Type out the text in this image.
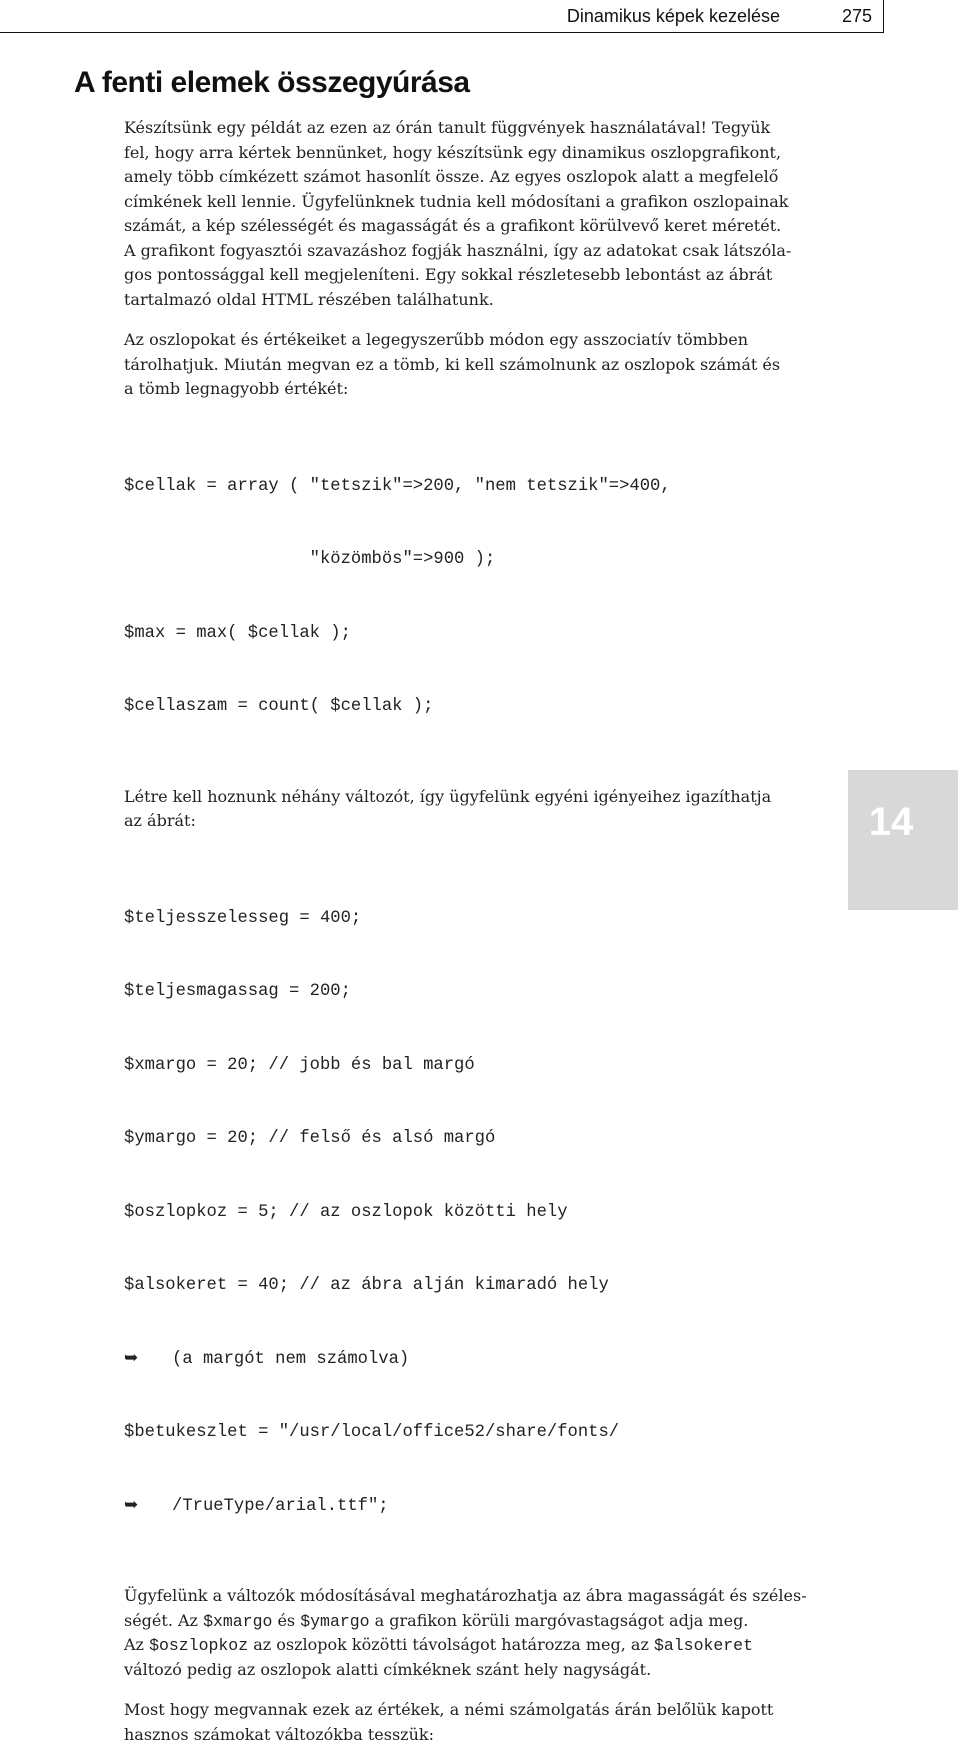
Dinamikus képek kezelése	275
A fenti elemek összegyúrása
Készítsünk egy példát az ezen az órán tanult függvények használatával! Tegyük
fel, hogy arra kértek bennünket, hogy készítsünk egy dinamikus oszlopgrafikont,
amely több címkézett számot hasonlít össze. Az egyes oszlopok alatt a megfelelő
címkének kell lennie. Ügyfelünknek tudnia kell módosítani a grafikon oszlopainak
számát, a kép szélességét és magasságát és a grafikont körülvevő keret méretét.
A grafikont fogyasztói szavazáshoz fogják használni, így az adatokat csak látszóla-
gos pontossággal kell megjeleníteni. Egy sokkal részletesebb lebontást az ábrát
tartalmazó oldal HTML részében találhatunk.
Az oszlopokat és értékeiket a legegyszerűbb módon egy asszociatív tömbben
tárolhatjuk. Miután megvan ez a tömb, ki kell számolnunk az oszlopok számát és
a tömb legnagyobb értékét:

$cellak = array ( "tetszik"=>200, "nem tetszik"=>400,

"közömbös"=>900 );

$max = max( $cellak );

$cellaszam = count( $cellak );

Létre kell hoznunk néhány változót, így ügyfelünk egyéni igényeihez igazíthatja
az ábrát:

$teljesszelesseg = 400;

$teljesmagassag = 200;

$xmargo = 20; // jobb és bal margó

$ymargo = 20; // felső és alsó margó

$oszlopkoz = 5; // az oszlopok közötti hely

$alsokeret = 40; // az ábra alján kimaradó hely

➥ (a margót nem számolva)

$betukeszlet = "/usr/local/office52/share/fonts/

➥ /TrueType/arial.ttf";

Ügyfelünk a változók módosításával meghatározhatja az ábra magasságát és széles-
ségét. Az $xmargo és $ymargo a grafikon körüli margóvastagságot adja meg.
Az $oszlopkoz az oszlopok közötti távolságot határozza meg, az $alsokeret
változó pedig az oszlopok alatti címkéknek szánt hely nagyságát.
Most hogy megvannak ezek az értékek, a némi számolgatás árán belőlük kapott
hasznos számokat változókba tesszük:
14
